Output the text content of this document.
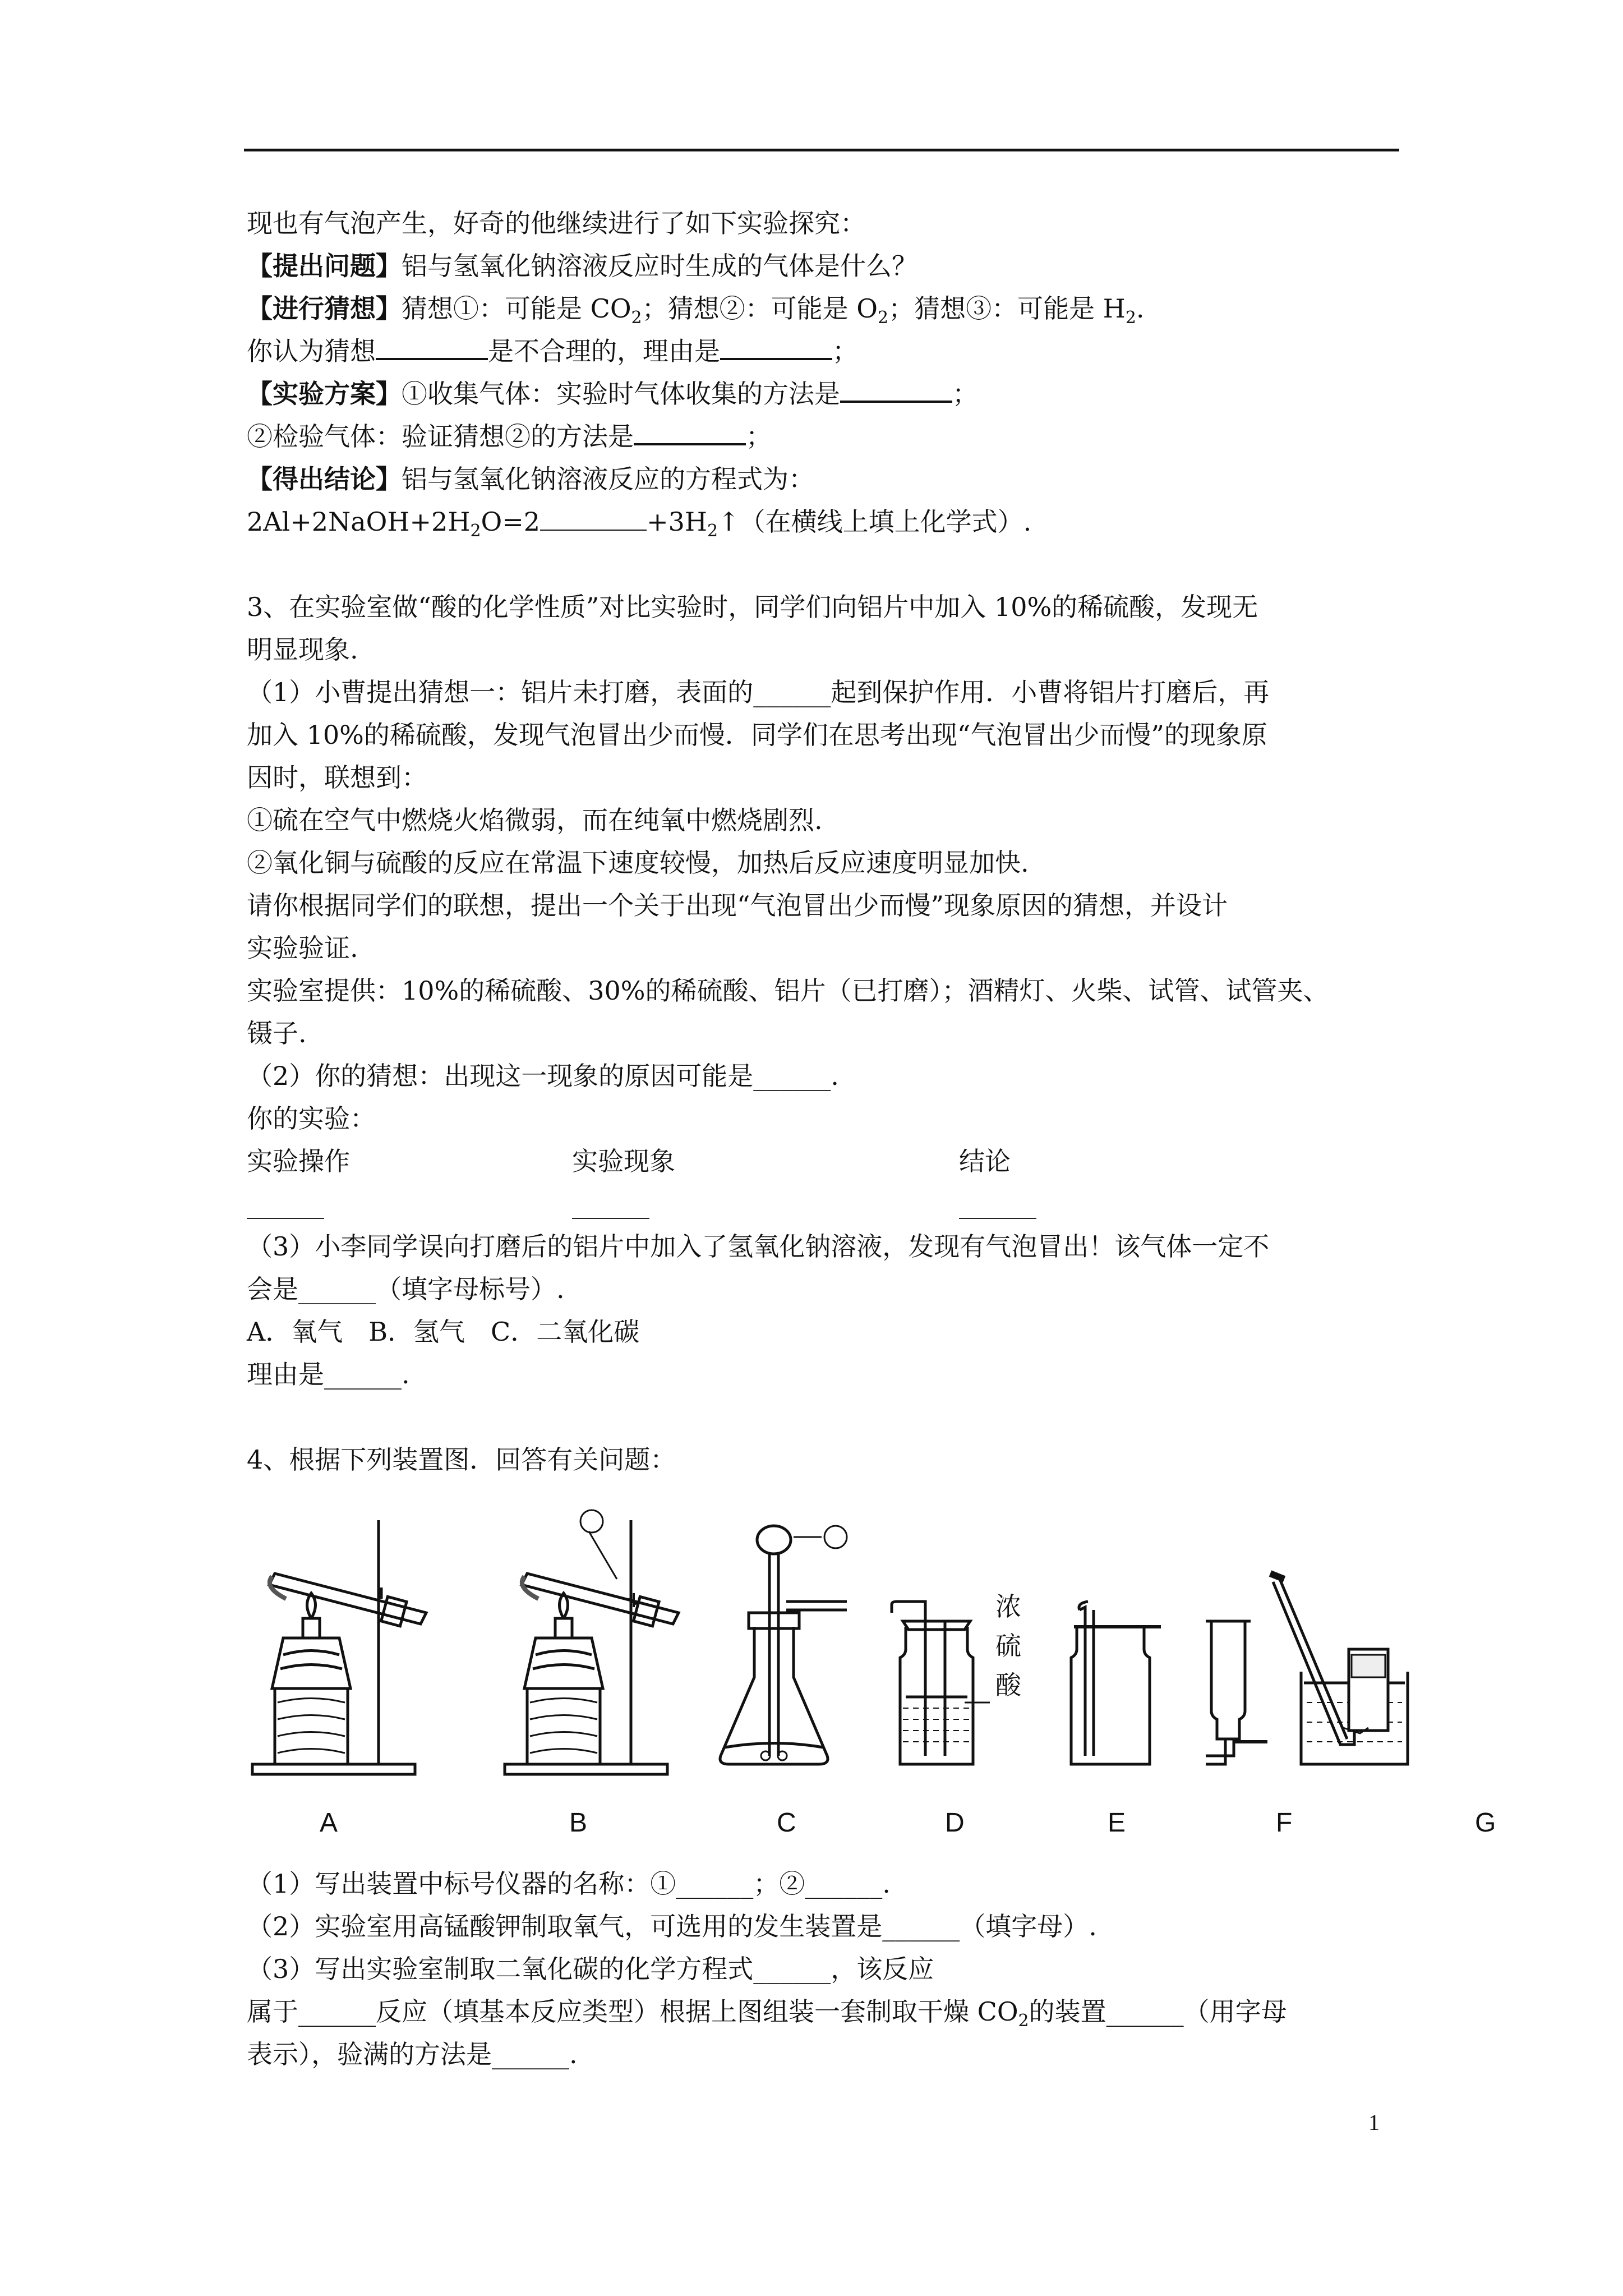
现也有气泡产生，好奇的他继续进行了如下实验探究：
【提出问题】铝与氢氧化钠溶液反应时生成的气体是什么？
【进行猜想】猜想①：可能是 $CO_2$；猜想②：可能是 $O_2$；猜想③：可能是 $H_2$.
你认为猜想	是不合理的，理由是	；
【实验方案】①收集气体：实验时气体收集的方法是	；
②检验气体：验证猜想②的方法是	；
【得出结论】铝与氢氧化钠溶液反应的方程式为：
$2Al+2NaOH+2H_2O=2$	$+3H_2↑$（在横线上填上化学式）.
3、在实验室做“酸的化学性质”对比实验时，同学们向铝片中加入 10%的稀硫酸，发现无
明显现象.
（1）小曹提出猜想一：铝片未打磨，表面的______起到保护作用．小曹将铝片打磨后，再
加入 10%的稀硫酸，发现气泡冒出少而慢．同学们在思考出现“气泡冒出少而慢”的现象原
因时，联想到：
①硫在空气中燃烧火焰微弱，而在纯氧中燃烧剧烈.
②氧化铜与硫酸的反应在常温下速度较慢，加热后反应速度明显加快.
请你根据同学们的联想，提出一个关于出现“气泡冒出少而慢”现象原因的猜想，并设计
实验验证.
实验室提供：10%的稀硫酸、30%的稀硫酸、铝片（已打磨）；酒精灯、火柴、试管、试管夹、
镊子.
（2）你的猜想：出现这一现象的原因可能是______.
你的实验：
实验操作	实验现象	结论
______	______	______
（3）小李同学误向打磨后的铝片中加入了氢氧化钠溶液，发现有气泡冒出！该气体一定不
会是______（填字母标号）.
A．氧气　B．氢气　C．二氧化碳
理由是______.
4、根据下列装置图．回答有关问题：
浓
硫
酸
A	B	C	D	E	F	G
（1）写出装置中标号仪器的名称：①______；②______.
（2）实验室用高锰酸钾制取氧气，可选用的发生装置是______（填字母）.
（3）写出实验室制取二氧化碳的化学方程式______，该反应
属于______反应（填基本反应类型）根据上图组装一套制取干燥 $CO_2$的装置______（用字母
表示），验满的方法是______.
1
